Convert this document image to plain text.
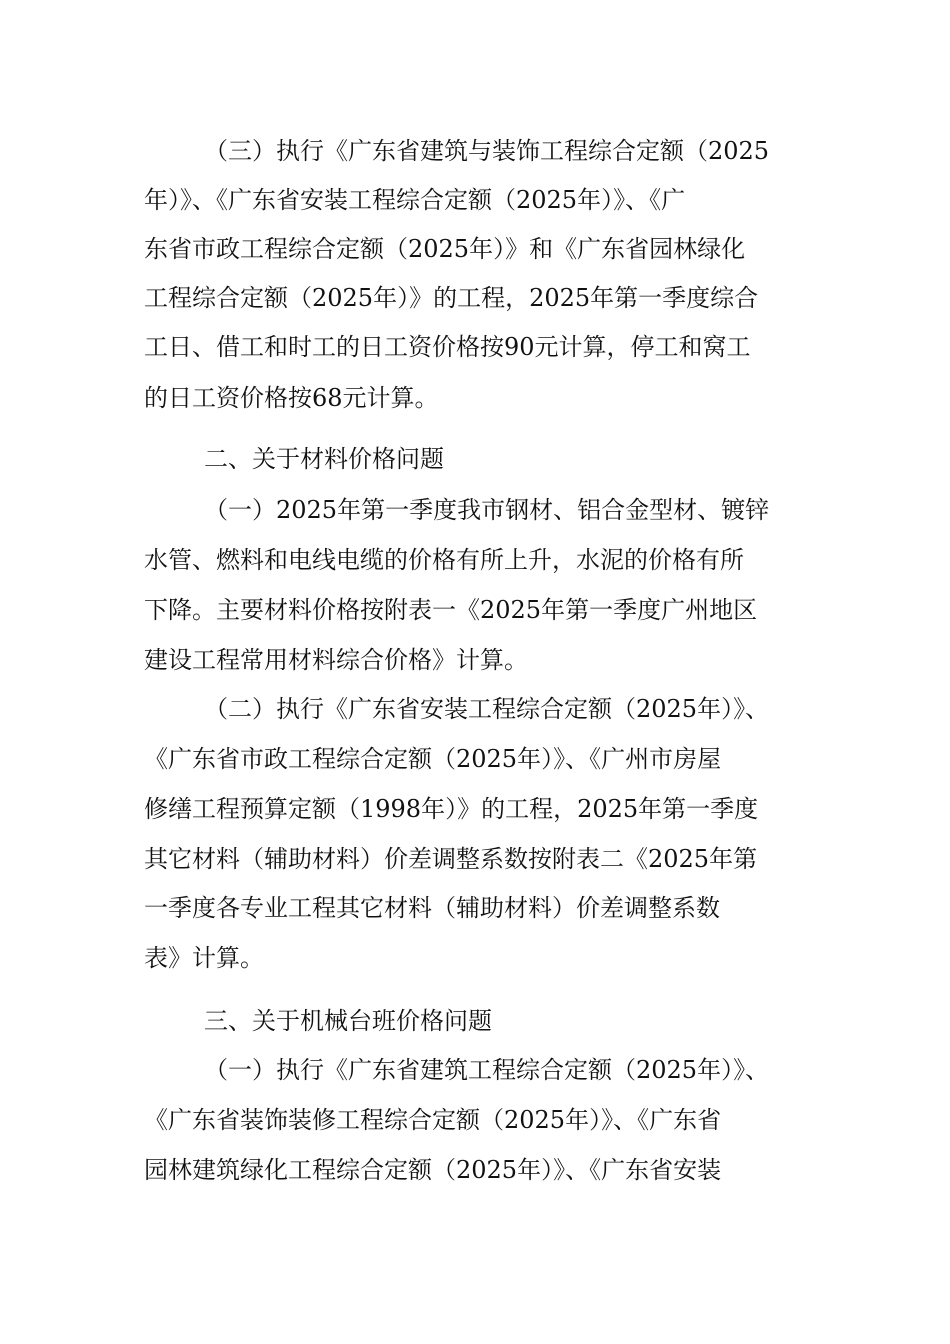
（三）执行《广东省建筑与装饰工程综合定额（2025
年）》、《广东省安装工程综合定额（2025年）》、《广
东省市政工程综合定额（2025年）》和《广东省园林绿化
工程综合定额（2025年）》的工程，2025年第一季度综合
工日、借工和时工的日工资价格按90元计算，停工和窝工
的日工资价格按68元计算。
二、关于材料价格问题
（一）2025年第一季度我市钢材、铝合金型材、镀锌
水管、燃料和电线电缆的价格有所上升，水泥的价格有所
下降。主要材料价格按附表一《2025年第一季度广州地区
建设工程常用材料综合价格》计算。
（二）执行《广东省安装工程综合定额（2025年）》、
《广东省市政工程综合定额（2025年）》、《广州市房屋
修缮工程预算定额（1998年）》的工程，2025年第一季度
其它材料（辅助材料）价差调整系数按附表二《2025年第
一季度各专业工程其它材料（辅助材料）价差调整系数
表》计算。
三、关于机械台班价格问题
（一）执行《广东省建筑工程综合定额（2025年）》、
《广东省装饰装修工程综合定额（2025年）》、《广东省
园林建筑绿化工程综合定额（2025年）》、《广东省安装
